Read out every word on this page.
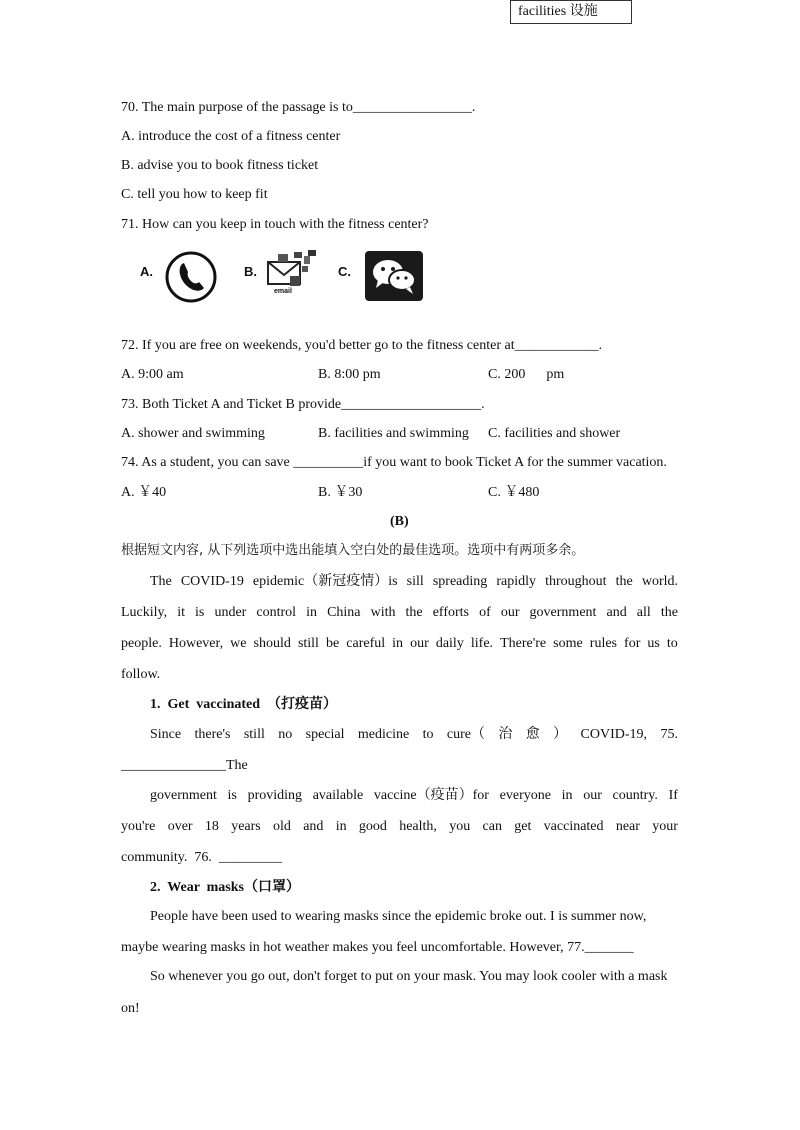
facilities 设施
70. The main purpose of the passage is to_________________.
A. introduce the cost of a fitness center
B. advise you to book fitness ticket
C. tell you how to keep fit
71. How can you keep in touch with the fitness center?
A.	B.
email
C.
72. If you are free on weekends, you'd better go to the fitness center at____________.
A. 9:00 am	B. 8:00 pm	C. 200      pm
73. Both Ticket A and Ticket B provide____________________.
A. shower and swimming	B. facilities and swimming C. facilities and shower
74. As a student, you can save __________if you want to book Ticket A for the summer vacation.
A. ￥40	B. ￥30	C. ￥480
(B)
根据短文内容, 从下列选项中选出能填入空白处的最佳选项。选项中有两项多余。
The COVID-19 epidemic（新冠疫情）is sill spreading rapidly throughout the world.
Luckily, it is under control in China with the efforts of our government and all the
people. However, we should still be careful in our daily life. There're some rules for us to
follow.
1.  Get  vaccinated  （打疫苗）
Since there's still no special medicine to cure（ 治 愈 ） COVID-19, 75.
_______________The
government is providing available vaccine（疫苗）for everyone in our country. If
you're over 18 years old and in good health, you can get vaccinated near your
community.  76.  _________
2.  Wear  masks（口罩）
People have been used to wearing masks since the epidemic broke out. I is summer now,
maybe wearing masks in hot weather makes you feel uncomfortable. However, 77._______
So whenever you go out, don't forget to put on your mask. You may look cooler with a mask
on!
